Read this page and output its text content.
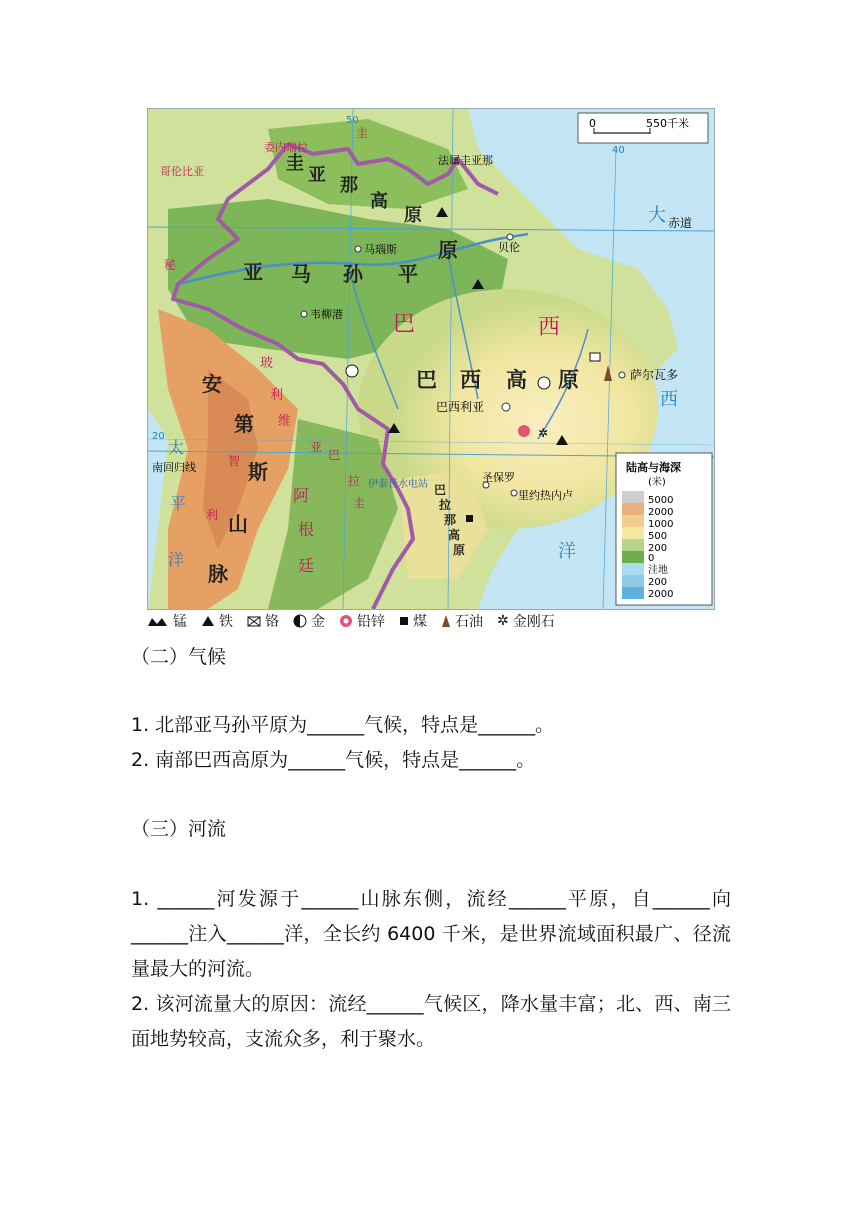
0	550千米
50
40
赤道
20
南回归线
委内瑞拉
哥伦比亚
秘
法属圭亚那
圭
圭
亚 那
高
原
亚 马 孙 平
原
巴	西
巴 西 高 原
安
第
斯
山
脉
玻
利
维
阿
根
廷
智
利
亚
巴
拉
圭
巴
拉
那
高
原
大
西
洋
太
平
洋
马瑙斯	贝伦
韦柳港
巴西利亚
萨尔瓦多
圣保罗
里约热内卢
伊泰普水电站
✲
陆高与海深
(米)
5000
2000
1000
500
200
0
洼地
200
2000
锰 铁 铬 金 铅锌 煤 石油 ✲ 金刚石
（二）气候
1. 北部亚马孙平原为______气候，特点是______。
2. 南部巴西高原为______气候，特点是______。
（三）河流
1. ______河发源于______山脉东侧，流经______平原，自______向______注入______洋，全长约 6400 千米，是世界流域面积最广、径流量最大的河流。
2. 该河流量大的原因：流经______气候区，降水量丰富；北、西、南三面地势较高，支流众多，利于聚水。
